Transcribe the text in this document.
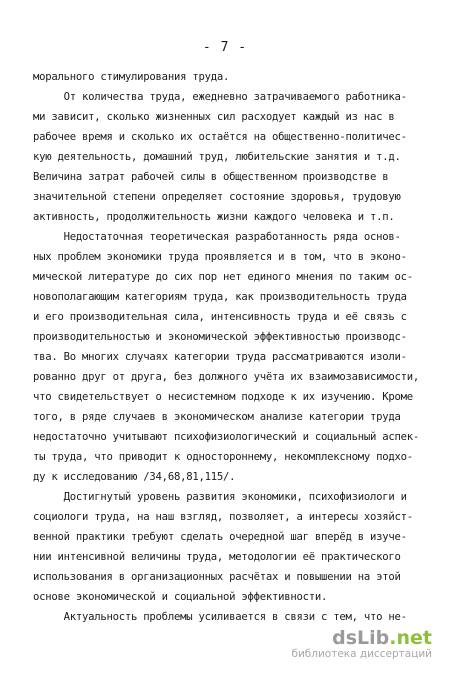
- 7 -
морального стимулирования труда.
От количества труда, ежедневно затрачиваемого работника-
ми зависит, сколько жизненных сил расходует каждый из нас в
рабочее время и сколько их остаётся на общественно-политичес-
кую деятельность, домашний труд, любительские занятия и т.д.
Величина затрат рабочей силы в общественном производстве в
значительной степени определяет состояние здоровья, трудовую
активность, продолжительность жизни каждого человека и т.п.
Недостаточная теоретическая разработанность ряда основ-
ных проблем экономики труда проявляется и в том, что в эконо-
мической литературе до сих пор нет единого мнения по таким ос-
новополагающим категориям труда, как производительность труда
и его производительная сила, интенсивность труда и её связь с
производительностью и экономической эффективностью производс-
тва. Во многих случаях категории труда рассматриваются изоли-
рованно друг от друга, без должного учёта их взаимозависимости,
что свидетельствует о несистемном подходе к их изучению. Кроме
того, в ряде случаев в экономическом анализе категории труда
недостаточно учитывают психофизиологический и социальный аспек-
ты труда, что приводит к одностороннему, некомплексному подхо-
ду к исследованию /34,68,81,115/.
Достигнутый уровень развития экономики, психофизиологи и
социологи труда, на наш взгляд, позволяет, а интересы хозяйст-
венной практики требуют сделать очередной шаг вперёд в изуче-
нии интенсивной величины труда, методологии её практического
использования в организационных расчётах и повышении на этой
основе экономической и социальной эффективности.
Актуальность проблемы усиливается в связи с тем, что не-
dsLib.net
библиотека диссертаций
